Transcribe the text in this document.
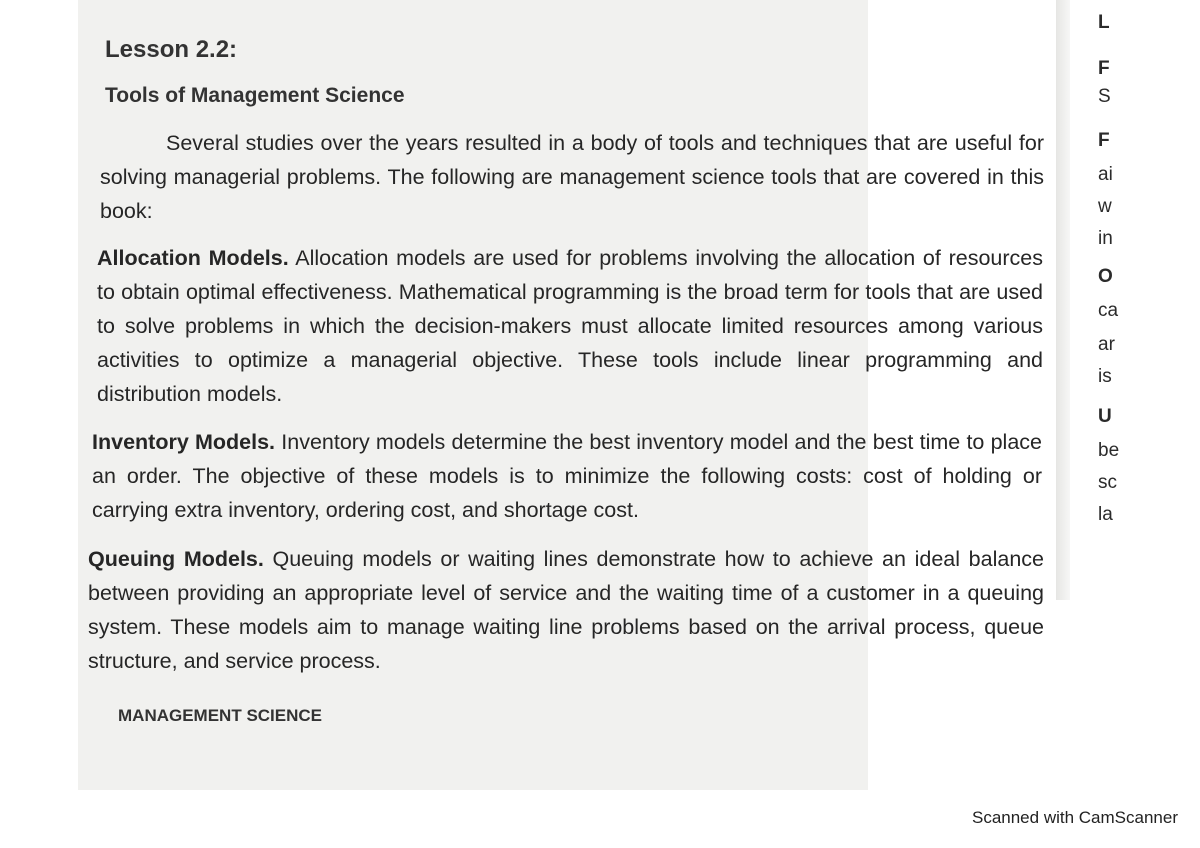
L
F
S
F
ai
w
in
O
ca
ar
is
U
be
sc
la
Lesson 2.2:
Tools of Management Science

Several studies over the years resulted in a body of tools and techniques that are useful for solving managerial problems. The following are management science tools that are covered in this book:

Allocation Models. Allocation models are used for problems involving the allocation of resources to obtain optimal effectiveness. Mathematical programming is the broad term for tools that are used to solve problems in which the decision-makers must allocate limited resources among various activities to optimize a managerial objective. These tools include linear programming and distribution models.

Inventory Models. Inventory models determine the best inventory model and the best time to place an order. The objective of these models is to minimize the following costs: cost of holding or carrying extra inventory, ordering cost, and shortage cost.

Queuing Models. Queuing models or waiting lines demonstrate how to achieve an ideal balance between providing an appropriate level of service and the waiting time of a customer in a queuing system. These models aim to manage waiting line problems based on the arrival process, queue structure, and service process.

MANAGEMENT SCIENCE

Scanned with CamScanner
